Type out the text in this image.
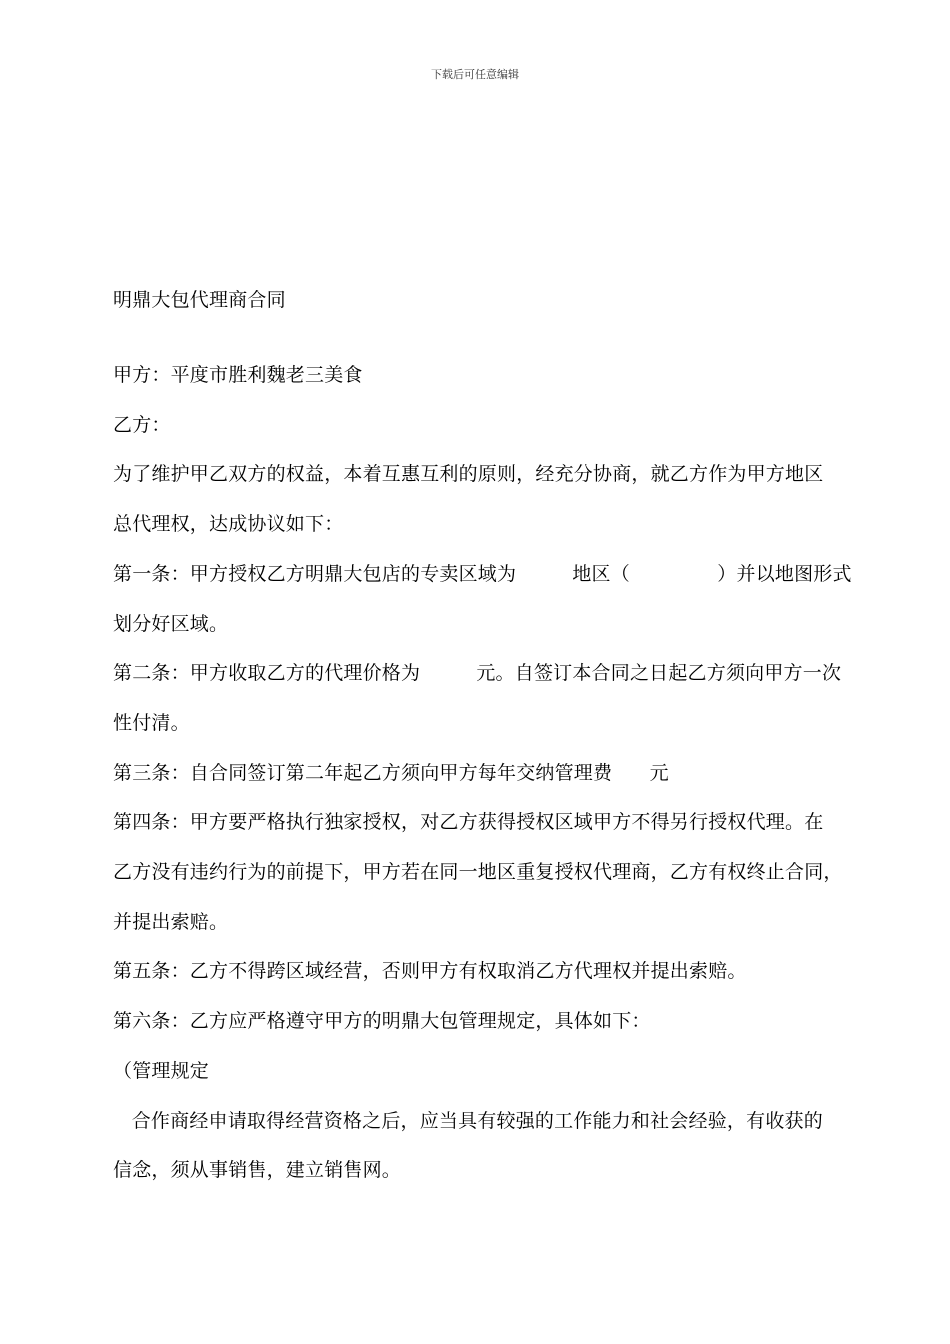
下载后可任意编辑
明鼎大包代理商合同
甲方：平度市胜利魏老三美食
乙方：
为了维护甲乙双方的权益，本着互惠互利的原则，经充分协商，就乙方作为甲方地区
总代理权，达成协议如下：
第一条：甲方授权乙方明鼎大包店的专卖区域为         地区（              ）并以地图形式
划分好区域。
第二条：甲方收取乙方的代理价格为         元。自签订本合同之日起乙方须向甲方一次
性付清。
第三条：自合同签订第二年起乙方须向甲方每年交纳管理费      元
第四条：甲方要严格执行独家授权，对乙方获得授权区域甲方不得另行授权代理。在
乙方没有违约行为的前提下，甲方若在同一地区重复授权代理商，乙方有权终止合同，
并提出索赔。
第五条：乙方不得跨区域经营，否则甲方有权取消乙方代理权并提出索赔。
第六条：乙方应严格遵守甲方的明鼎大包管理规定，具体如下：
（管理规定
合作商经申请取得经营资格之后，应当具有较强的工作能力和社会经验，有收获的
信念，须从事销售，建立销售网。
